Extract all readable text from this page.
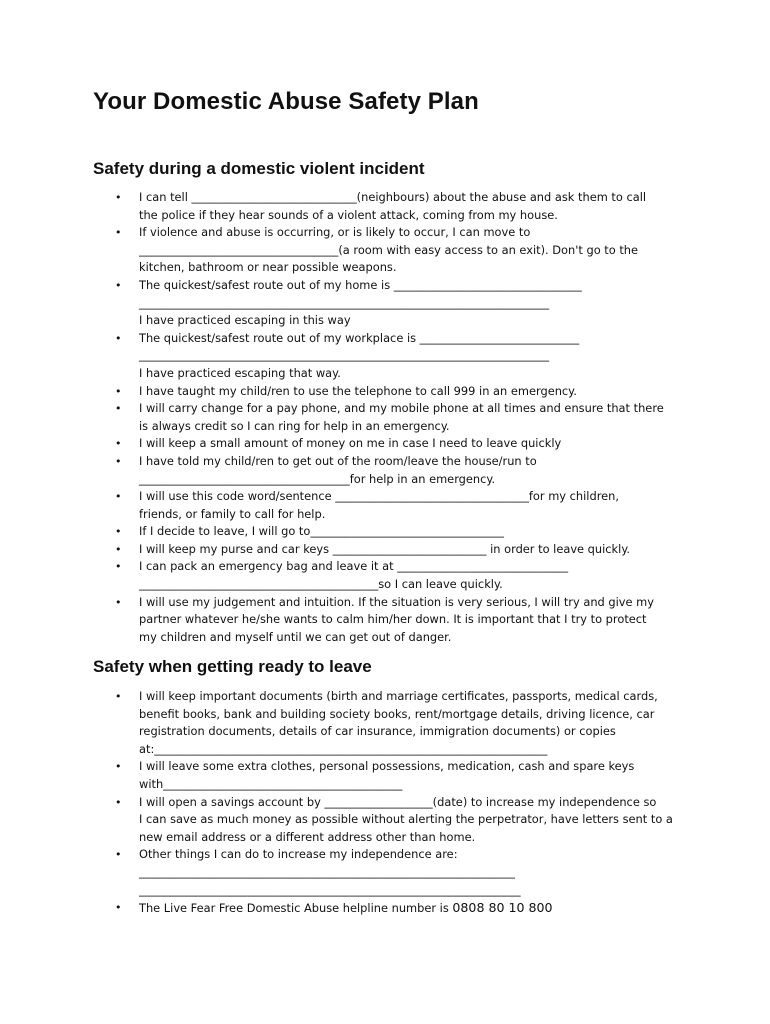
Your Domestic Abuse Safety Plan
Safety during a domestic violent incident
• I can tell _____________________________(neighbours) about the abuse and ask them to call
the police if they hear sounds of a violent attack, coming from my house.
• If violence and abuse is occurring, or is likely to occur, I can move to
___________________________________(a room with easy access to an exit). Don't go to the
kitchen, bathroom or near possible weapons.
• The quickest/safest route out of my home is _________________________________
________________________________________________________________________
I have practiced escaping in this way
• The quickest/safest route out of my workplace is ____________________________
________________________________________________________________________
I have practiced escaping that way.
• I have taught my child/ren to use the telephone to call 999 in an emergency.
• I will carry change for a pay phone, and my mobile phone at all times and ensure that there
is always credit so I can ring for help in an emergency.
• I will keep a small amount of money on me in case I need to leave quickly
• I have told my child/ren to get out of the room/leave the house/run to
_____________________________________for help in an emergency.
• I will use this code word/sentence __________________________________for my children,
friends, or family to call for help.
• If I decide to leave, I will go to__________________________________
• I will keep my purse and car keys ___________________________ in order to leave quickly.
• I can pack an emergency bag and leave it at ______________________________
__________________________________________so I can leave quickly.
• I will use my judgement and intuition. If the situation is very serious, I will try and give my
partner whatever he/she wants to calm him/her down. It is important that I try to protect
my children and myself until we can get out of danger.
Safety when getting ready to leave
• I will keep important documents (birth and marriage certificates, passports, medical cards,
benefit books, bank and building society books, rent/mortgage details, driving licence, car
registration documents, details of car insurance, immigration documents) or copies
at:_____________________________________________________________________
• I will leave some extra clothes, personal possessions, medication, cash and spare keys
with__________________________________________
• I will open a savings account by ___________________(date) to increase my independence so
I can save as much money as possible without alerting the perpetrator, have letters sent to a
new email address or a different address other than home.
• Other things I can do to increase my independence are:
__________________________________________________________________
___________________________________________________________________
• The Live Fear Free Domestic Abuse helpline number is 0808 80 10 800
